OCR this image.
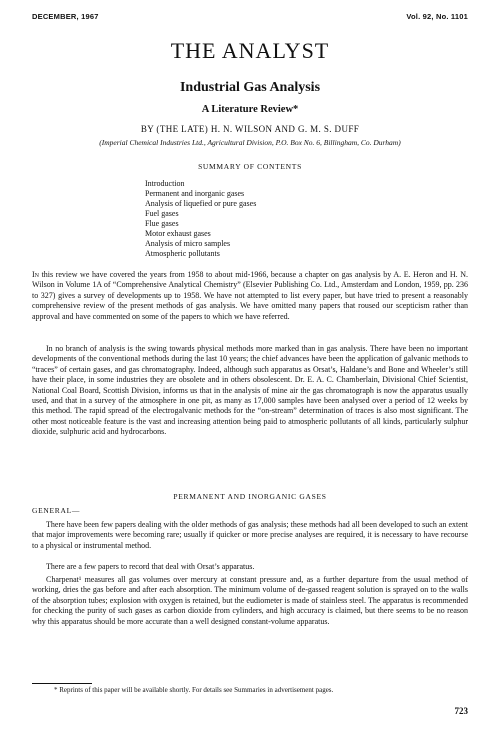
DECEMBER, 1967	Vol. 92, No. 1101
THE ANALYST
Industrial Gas Analysis
A Literature Review*
BY (THE LATE) H. N. WILSON AND G. M. S. DUFF
(Imperial Chemical Industries Ltd., Agricultural Division, P.O. Box No. 6, Billingham, Co. Durham)
SUMMARY OF CONTENTS
Introduction
Permanent and inorganic gases
Analysis of liquefied or pure gases
Fuel gases
Flue gases
Motor exhaust gases
Analysis of micro samples
Atmospheric pollutants

In this review we have covered the years from 1958 to about mid-1966, because a chapter on gas analysis by A. E. Heron and H. N. Wilson in Volume 1A of “Comprehensive Analytical Chemistry” (Elsevier Publishing Co. Ltd., Amsterdam and London, 1959, pp. 236 to 327) gives a survey of developments up to 1958. We have not attempted to list every paper, but have tried to present a reasonably comprehensive review of the present methods of gas analysis. We have omitted many papers that roused our scepticism rather than approval and have commented on some of the papers to which we have referred.

In no branch of analysis is the swing towards physical methods more marked than in gas analysis. There have been no important developments of the conventional methods during the last 10 years; the chief advances have been the application of galvanic methods to “traces” of certain gases, and gas chromatography. Indeed, although such apparatus as Orsat’s, Haldane’s and Bone and Wheeler’s still have their place, in some industries they are obsolete and in others obsolescent. Dr. E. A. C. Chamberlain, Divisional Chief Scientist, National Coal Board, Scottish Division, informs us that in the analysis of mine air the gas chromatograph is now the apparatus usually used, and that in a survey of the atmosphere in one pit, as many as 17,000 samples have been analysed over a period of 12 weeks by this method. The rapid spread of the electrogalvanic methods for the “on-stream” determination of traces is also most significant. The other most noticeable feature is the vast and increasing attention being paid to atmospheric pollutants of all kinds, particularly sulphur dioxide, sulphuric acid and hydrocarbons.

PERMANENT AND INORGANIC GASES
GENERAL—

There have been few papers dealing with the older methods of gas analysis; these methods had all been developed to such an extent that major improvements were becoming rare; usually if quicker or more precise analyses are required, it is necessary to have recourse to a physical or instrumental method.

There are a few papers to record that deal with Orsat’s apparatus.

Charpenat¹ measures all gas volumes over mercury at constant pressure and, as a further departure from the usual method of working, dries the gas before and after each absorption. The minimum volume of de-gassed reagent solution is sprayed on to the walls of the absorption tubes; explosion with oxygen is retained, but the eudiometer is made of stainless steel. The apparatus is recommended for checking the purity of such gases as carbon dioxide from cylinders, and high accuracy is claimed, but there seems to be no reason why this apparatus should be more accurate than a well designed constant-volume apparatus.

* Reprints of this paper will be available shortly. For details see Summaries in advertisement pages.

723
